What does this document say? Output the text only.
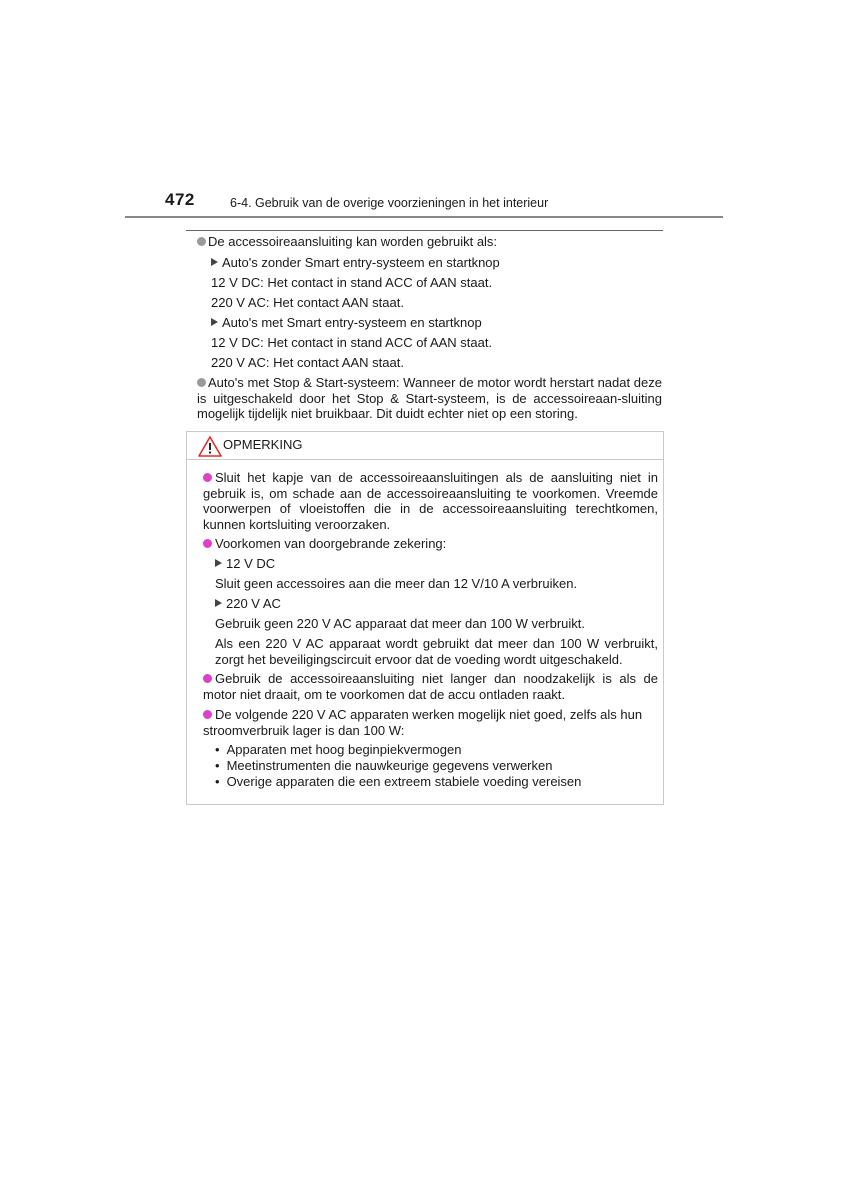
472	6-4. Gebruik van de overige voorzieningen in het interieur
De accessoireaansluiting kan worden gebruikt als:
Auto's zonder Smart entry-systeem en startknop
12 V DC: Het contact in stand ACC of AAN staat.
220 V AC: Het contact AAN staat.
Auto's met Smart entry-systeem en startknop
12 V DC: Het contact in stand ACC of AAN staat.
220 V AC: Het contact AAN staat.
Auto's met Stop & Start-systeem: Wanneer de motor wordt herstart nadat deze is uitgeschakeld door het Stop & Start-systeem, is de accessoireaan-sluiting mogelijk tijdelijk niet bruikbaar. Dit duidt echter niet op een storing.
OPMERKING
Sluit het kapje van de accessoireaansluitingen als de aansluiting niet in gebruik is, om schade aan de accessoireaansluiting te voorkomen. Vreemde voorwerpen of vloeistoffen die in de accessoireaansluiting terechtkomen, kunnen kortsluiting veroorzaken.
Voorkomen van doorgebrande zekering:
12 V DC
Sluit geen accessoires aan die meer dan 12 V/10 A verbruiken.
220 V AC
Gebruik geen 220 V AC apparaat dat meer dan 100 W verbruikt.
Als een 220 V AC apparaat wordt gebruikt dat meer dan 100 W verbruikt, zorgt het beveiligingscircuit ervoor dat de voeding wordt uitgeschakeld.
Gebruik de accessoireaansluiting niet langer dan noodzakelijk is als de motor niet draait, om te voorkomen dat de accu ontladen raakt.
De volgende 220 V AC apparaten werken mogelijk niet goed, zelfs als hun stroomverbruik lager is dan 100 W:
• Apparaten met hoog beginpiekvermogen
• Meetinstrumenten die nauwkeurige gegevens verwerken
• Overige apparaten die een extreem stabiele voeding vereisen
